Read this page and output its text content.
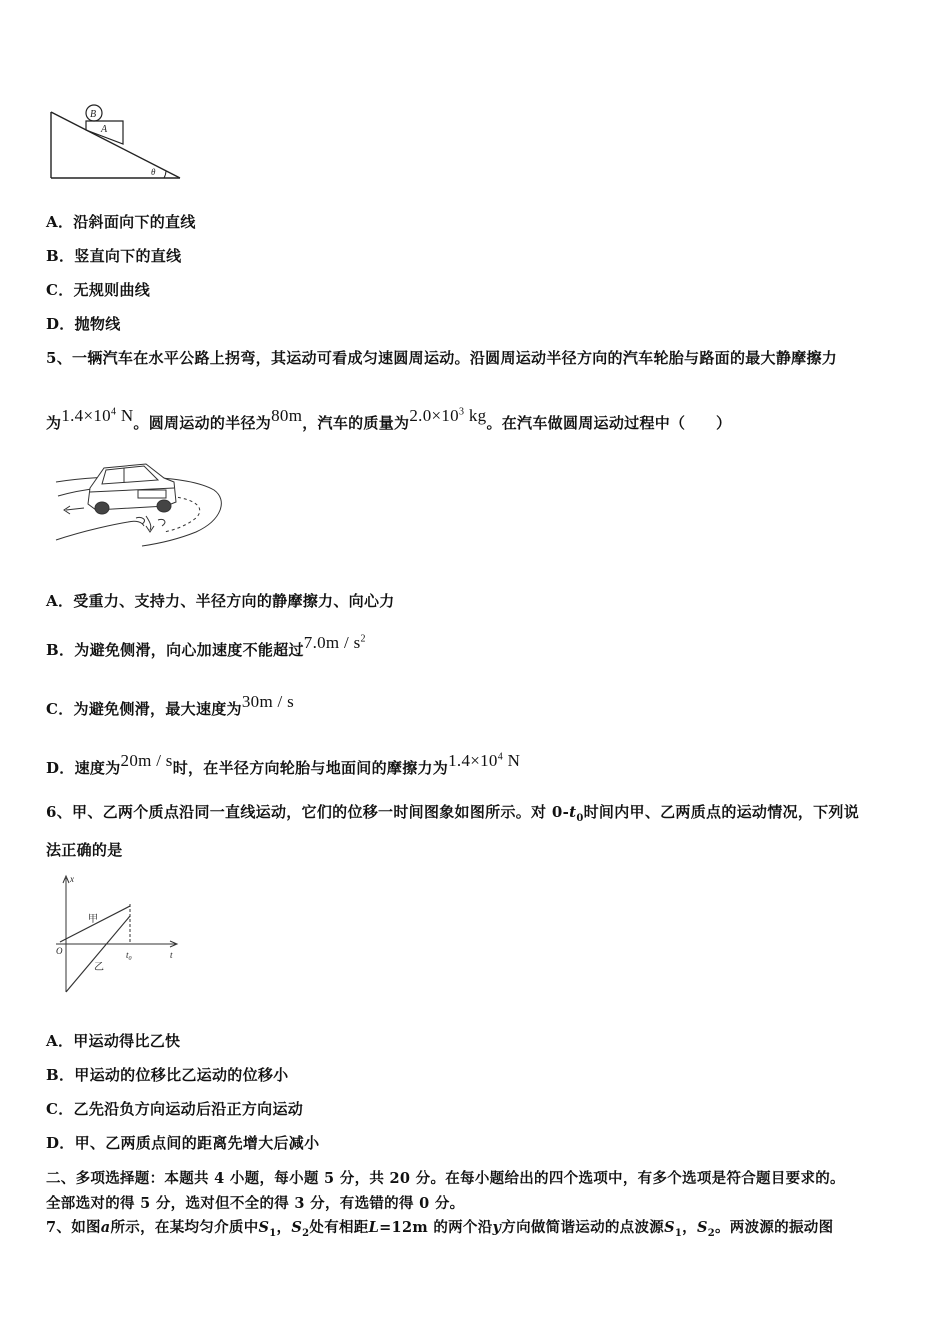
B
A
θ
A．沿斜面向下的直线
B．竖直向下的直线
C．无规则曲线
D．抛物线
5、一辆汽车在水平公路上拐弯，其运动可看成匀速圆周运动。沿圆周运动半径方向的汽车轮胎与路面的最大静摩擦力
为$1.4\times 10^4$ N。圆周运动的半径为80m，汽车的质量为$2.0\times 10^3$ kg。在汽车做圆周运动过程中（　　）
A．受重力、支持力、半径方向的静摩擦力、向心力
B．为避免侧滑，向心加速度不能超过$7.0m / s^2$
C．为避免侧滑，最大速度为30m / s
D．速度为20m / s时，在半径方向轮胎与地面间的摩擦力为$1.4\times 10^4$ N
6、甲、乙两个质点沿同一直线运动，它们的位移一时间图象如图所示。对 $0-t_0$时间内甲、乙两质点的运动情况，下列说
法正确的是
x
t
O
甲
乙
$t_0$
A．甲运动得比乙快
B．甲运动的位移比乙运动的位移小
C．乙先沿负方向运动后沿正方向运动
D．甲、乙两质点间的距离先增大后减小
二、多项选择题：本题共 4 小题，每小题 5 分，共 20 分。在每小题给出的四个选项中，有多个选项是符合题目要求的。
全部选对的得 5 分，选对但不全的得 3 分，有选错的得 0 分。
7、如图a所示，在某均匀介质中$S_1$，$S_2$处有相距L=12m 的两个沿y方向做简谐运动的点波源$S_1$，$S_2$。两波源的振动图
